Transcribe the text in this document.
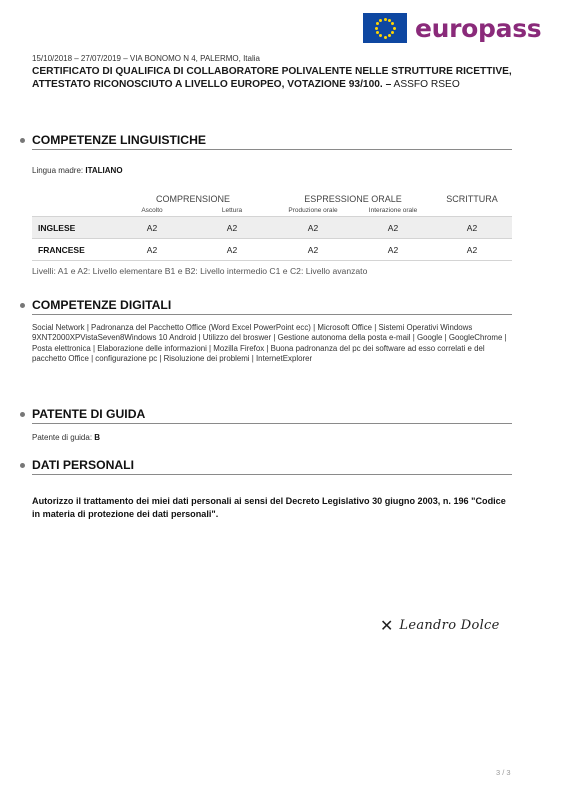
europass
15/10/2018 – 27/07/2019 – VIA BONOMO N 4, PALERMO, Italia
CERTIFICATO DI QUALIFICA DI COLLABORATORE POLIVALENTE NELLE STRUTTURE RICETTIVE, ATTESTATO RICONOSCIUTO A LIVELLO EUROPEO, VOTAZIONE 93/100. – ASSFO RSEO
COMPETENZE LINGUISTICHE
Lingua madre: ITALIANO
COMPRENSIONE	ESPRESSIONE ORALE	SCRITTURA
Ascolto	Lettura	Produzione orale	Interazione orale
INGLESE	A2	A2	A2	A2	A2
FRANCESE	A2	A2	A2	A2	A2
Livelli: A1 e A2: Livello elementare B1 e B2: Livello intermedio C1 e C2: Livello avanzato
COMPETENZE DIGITALI
Social Network | Padronanza del Pacchetto Office (Word Excel PowerPoint ecc) | Microsoft Office | Sistemi Operativi Windows 9XNT2000XPVistaSeven8Windows 10 Android | Utilizzo del broswer | Gestione autonoma della posta e-mail | Google | GoogleChrome | Posta elettronica | Elaborazione delle informazioni | Mozilla Firefox | Buona padronanza del pc dei software ad esso correlati e del pacchetto Office | configurazione pc | Risoluzione dei problemi | InternetExplorer
PATENTE DI GUIDA
Patente di guida: B
DATI PERSONALI
Autorizzo il trattamento dei miei dati personali ai sensi del Decreto Legislativo 30 giugno 2003, n. 196 "Codice in materia di protezione dei dati personali".
✕ Leandro Dolce
3 / 3
